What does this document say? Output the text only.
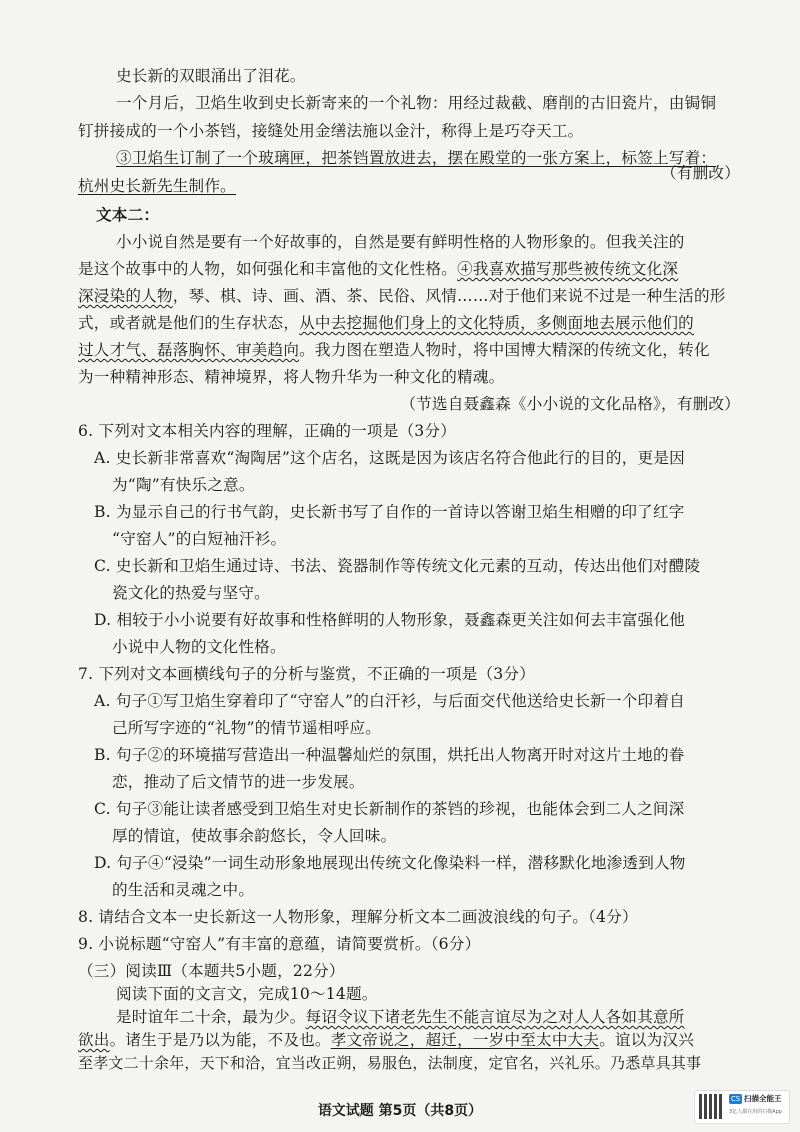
史长新的双眼涌出了泪花。
一个月后，卫焰生收到史长新寄来的一个礼物：用经过裁截、磨削的古旧瓷片，由锔铜
钉拼接成的一个小茶铛，接缝处用金缮法施以金汁，称得上是巧夺天工。
③卫焰生订制了一个玻璃匣，把茶铛置放进去，摆在殿堂的一张方案上，标签上写着：
杭州史长新先生制作。
（有删改）
文本二：
小小说自然是要有一个好故事的，自然是要有鲜明性格的人物形象的。但我关注的
是这个故事中的人物，如何强化和丰富他的文化性格。④我喜欢描写那些被传统文化深
深浸染的人物，琴、棋、诗、画、酒、茶、民俗、风情……对于他们来说不过是一种生活的形
式，或者就是他们的生存状态，从中去挖掘他们身上的文化特质，多侧面地去展示他们的
过人才气、磊落胸怀、审美趋向。我力图在塑造人物时，将中国博大精深的传统文化，转化
为一种精神形态、精神境界，将人物升华为一种文化的精魂。
（节选自聂鑫森《小小说的文化品格》，有删改）
6. 下列对文本相关内容的理解，正确的一项是（3分）
A. 史长新非常喜欢“淘陶居”这个店名，这既是因为该店名符合他此行的目的，更是因
为“陶”有快乐之意。
B. 为显示自己的行书气韵，史长新书写了自作的一首诗以答谢卫焰生相赠的印了红字
“守窑人”的白短袖汗衫。
C. 史长新和卫焰生通过诗、书法、瓷器制作等传统文化元素的互动，传达出他们对醴陵
瓷文化的热爱与坚守。
D. 相较于小小说要有好故事和性格鲜明的人物形象，聂鑫森更关注如何去丰富强化他
小说中人物的文化性格。
7. 下列对文本画横线句子的分析与鉴赏，不正确的一项是（3分）
A. 句子①写卫焰生穿着印了“守窑人”的白汗衫，与后面交代他送给史长新一个印着自
己所写字迹的“礼物”的情节遥相呼应。
B. 句子②的环境描写营造出一种温馨灿烂的氛围，烘托出人物离开时对这片土地的眷
恋，推动了后文情节的进一步发展。
C. 句子③能让读者感受到卫焰生对史长新制作的茶铛的珍视，也能体会到二人之间深
厚的情谊，使故事余韵悠长，令人回味。
D. 句子④“浸染”一词生动形象地展现出传统文化像染料一样，潜移默化地渗透到人物
的生活和灵魂之中。
8. 请结合文本一史长新这一人物形象，理解分析文本二画波浪线的句子。（4分）
9. 小说标题“守窑人”有丰富的意蕴，请简要赏析。（6分）
（三）阅读Ⅲ（本题共5小题，22分）
阅读下面的文言文，完成10～14题。
是时谊年二十余，最为少。每诏令议下诸老先生不能言谊尽为之对人人各如其意所
欲出。诸生于是乃以为能，不及也。孝文帝说之，超迁，一岁中至太中大夫。谊以为汉兴
至孝文二十余年，天下和洽，宜当改正朔，易服色，法制度，定官名，兴礼乐。乃悉草具其事
语文试题 第5页（共8页）
CS 扫描全能王
3亿人都在用的扫描App
